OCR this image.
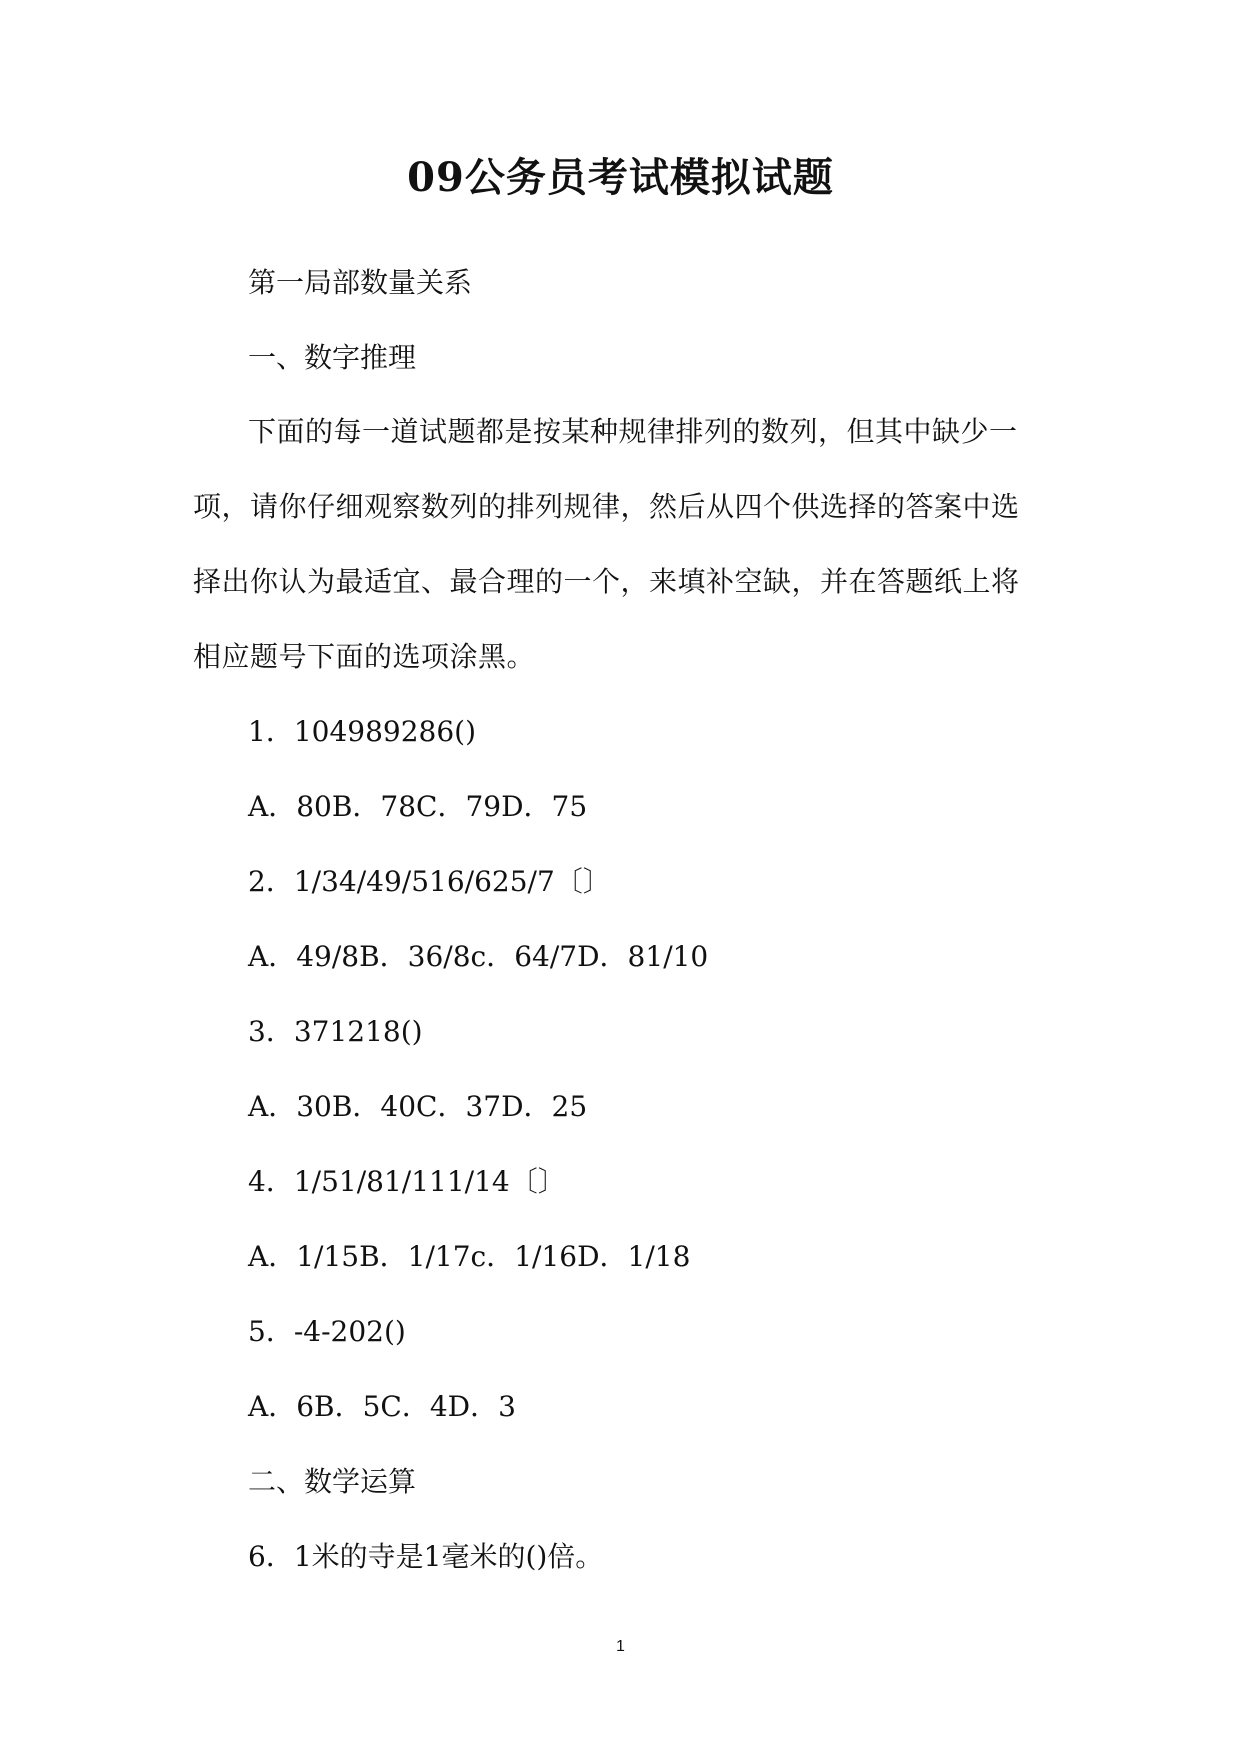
09公务员考试模拟试题

第一局部数量关系

一、数字推理

下面的每一道试题都是按某种规律排列的数列，但其中缺少一

项，请你仔细观察数列的排列规律，然后从四个供选择的答案中选

择出你认为最适宜、最合理的一个，来填补空缺，并在答题纸上将

相应题号下面的选项涂黑。

1．104989286()

A．80B．78C．79D．75

2．1/34/49/516/625/7〔〕

A．49/8B．36/8c．64/7D．81/10

3．371218()

A．30B．40C．37D．25

4．1/51/81/111/14〔〕

A．1/15B．1/17c．1/16D．1/18

5．-4-202()

A．6B．5C．4D．3

二、数学运算

6．1米的寺是1毫米的()倍。

1
